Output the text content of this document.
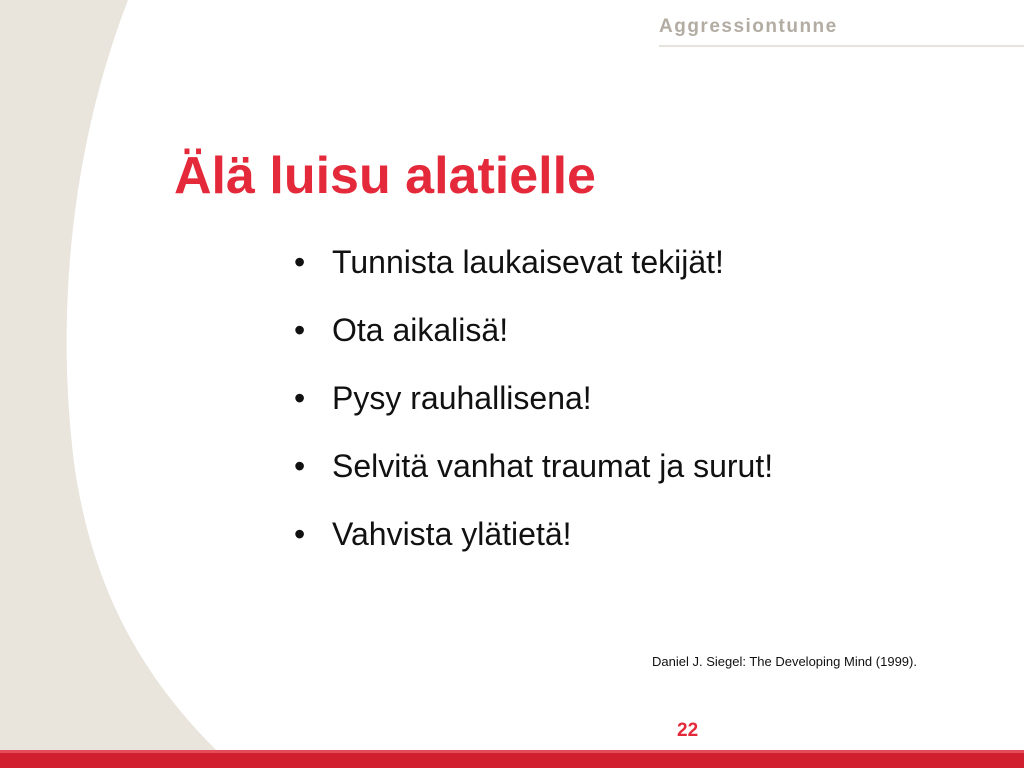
Aggressiontunne
Älä luisu alatielle
• Tunnista laukaisevat tekijät!
• Ota aikalisä!
• Pysy rauhallisena!
• Selvitä vanhat traumat ja surut!
• Vahvista ylätietä!
Daniel J. Siegel: The Developing Mind (1999).
22
